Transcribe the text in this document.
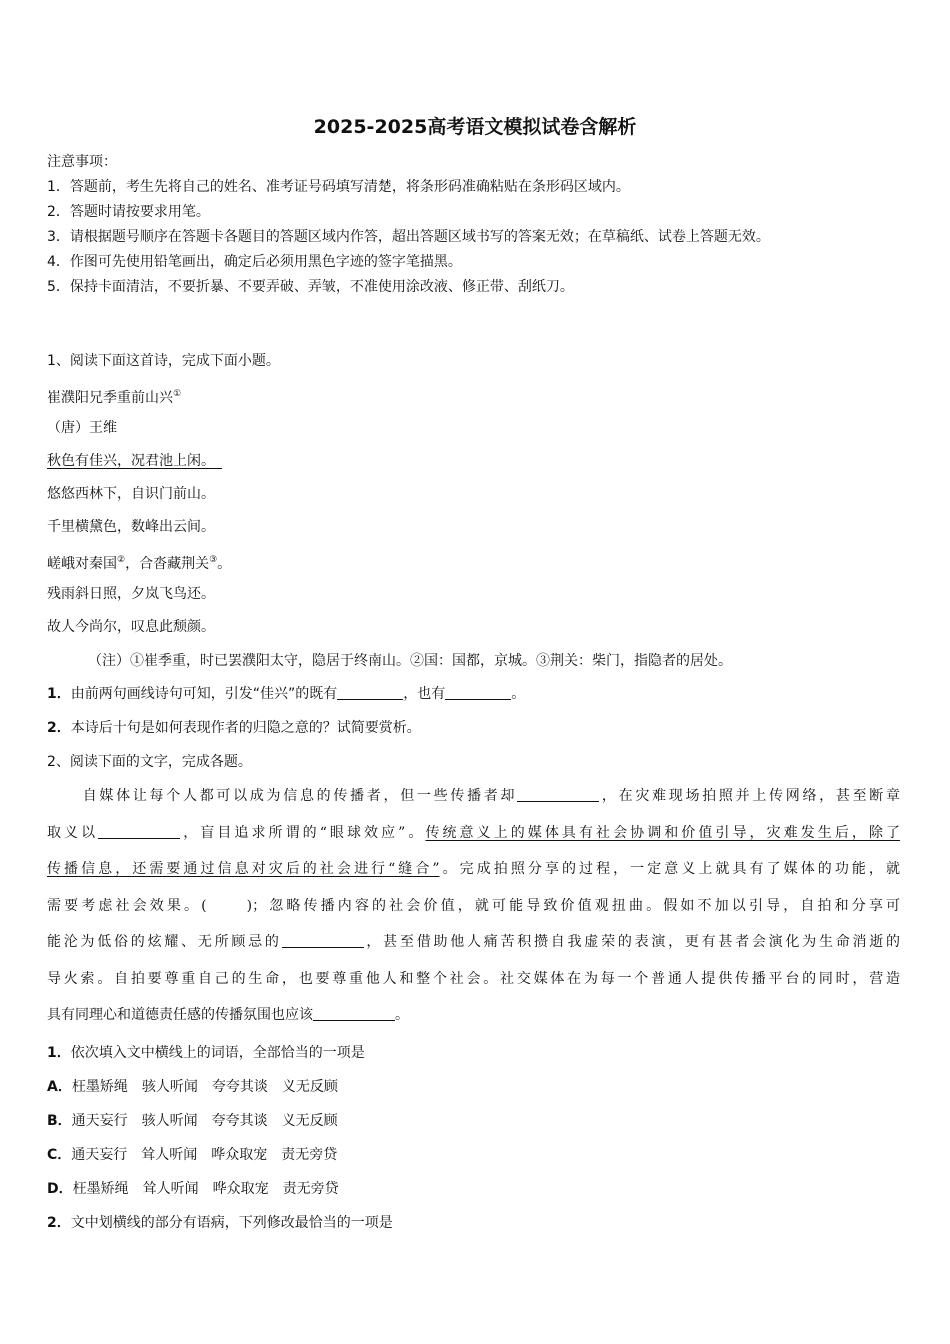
2025-2025高考语文模拟试卷含解析
注意事项：
1．答题前，考生先将自己的姓名、准考证号码填写清楚，将条形码准确粘贴在条形码区域内。
2．答题时请按要求用笔。
3．请根据题号顺序在答题卡各题目的答题区域内作答，超出答题区域书写的答案无效；在草稿纸、试卷上答题无效。
4．作图可先使用铅笔画出，确定后必须用黑色字迹的签字笔描黑。
5．保持卡面清洁，不要折暴、不要弄破、弄皱，不准使用涂改液、修正带、刮纸刀。
1、阅读下面这首诗，完成下面小题。
崔濮阳兄季重前山兴①
（唐）王维
秋色有佳兴，况君池上闲。　
悠悠西林下，自识门前山。
千里横黛色，数峰出云间。
嵯峨对秦国②，合沓藏荆关③。
残雨斜日照，夕岚飞鸟还。
故人今尚尔，叹息此颓颜。
（注）①崔季重，时已罢濮阳太守，隐居于终南山。②国：国都，京城。③荆关：柴门，指隐者的居处。
1．由前两句画线诗句可知，引发“佳兴”的既有	，也有	。
2．本诗后十句是如何表现作者的归隐之意的？试简要赏析。
2、阅读下面的文字，完成各题。
自媒体让每个人都可以成为信息的传播者，但一些传播者却	，在灾难现场拍照并上传网络，甚至断章
取义以	，盲目追求所谓的“眼球效应”。传统意义上的媒体具有社会协调和价值引导，灾难发生后，除了
传播信息，还需要通过信息对灾后的社会进行“缝合”。完成拍照分享的过程，一定意义上就具有了媒体的功能，就
需要考虑社会效果。(	)；忽略传播内容的社会价值，就可能导致价值观扭曲。假如不加以引导，自拍和分享可
能沦为低俗的炫耀、无所顾忌的	，甚至借助他人痛苦积攒自我虚荣的表演，更有甚者会演化为生命消逝的
导火索。自拍要尊重自己的生命，也要尊重他人和整个社会。社交媒体在为每一个普通人提供传播平台的同时，营造
具有同理心和道德责任感的传播氛围也应该	。
1．依次填入文中横线上的词语，全部恰当的一项是
A．枉墨矫绳　骇人听闻　夸夸其谈　义无反顾
B．通天妄行　骇人听闻　夸夸其谈　义无反顾
C．通天妄行　耸人听闻　哗众取宠　责无旁贷
D．枉墨矫绳　耸人听闻　哗众取宠　责无旁贷
2．文中划横线的部分有语病，下列修改最恰当的一项是
